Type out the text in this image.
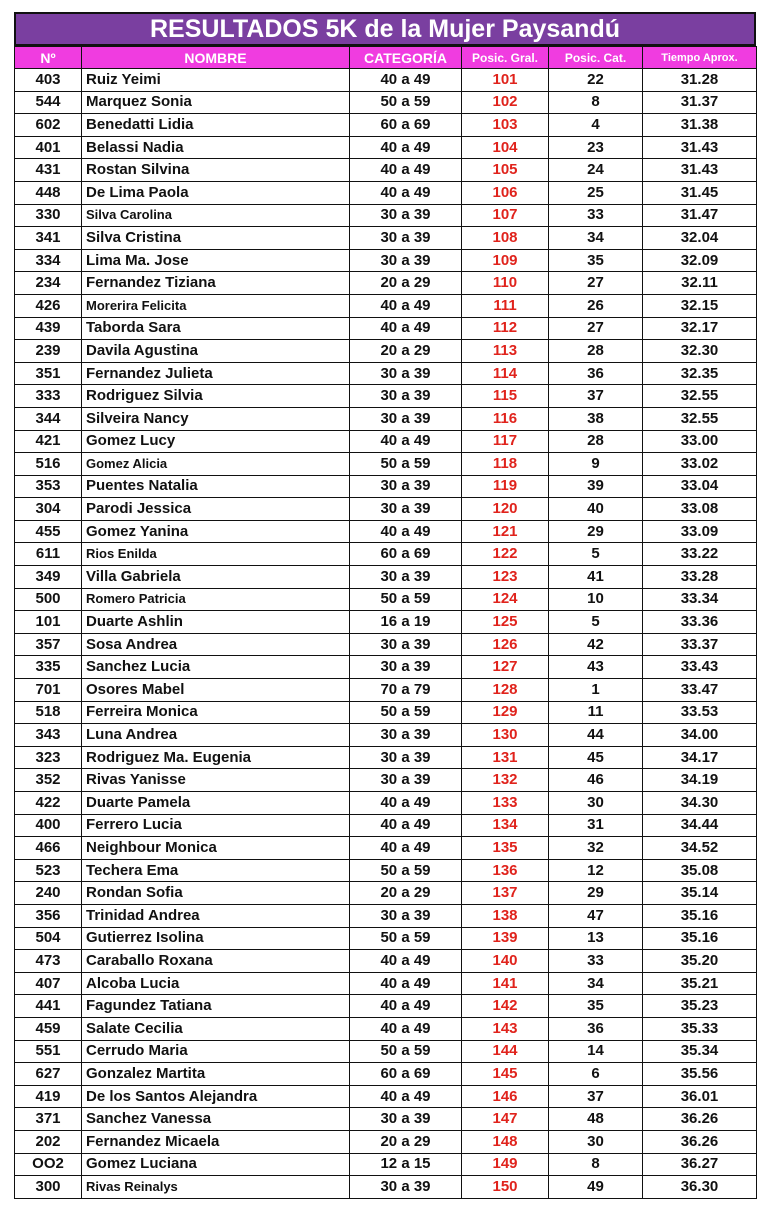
RESULTADOS 5K de la Mujer Paysandú
Nº	NOMBRE	CATEGORÍA	Posic. Gral.	Posic. Cat.	Tiempo Aprox.
403	Ruiz Yeimi	40 a 49	101	22	31.28
544	Marquez Sonia	50 a 59	102	8	31.37
602	Benedatti Lidia	60 a 69	103	4	31.38
401	Belassi Nadia	40 a 49	104	23	31.43
431	Rostan Silvina	40 a 49	105	24	31.43
448	De Lima Paola	40 a 49	106	25	31.45
330	Silva Carolina	30 a 39	107	33	31.47
341	Silva Cristina	30 a 39	108	34	32.04
334	Lima Ma. Jose	30 a 39	109	35	32.09
234	Fernandez Tiziana	20 a 29	110	27	32.11
426	Morerira Felicita	40 a 49	111	26	32.15
439	Taborda Sara	40 a 49	112	27	32.17
239	Davila Agustina	20 a 29	113	28	32.30
351	Fernandez Julieta	30 a 39	114	36	32.35
333	Rodriguez Silvia	30 a 39	115	37	32.55
344	Silveira Nancy	30 a 39	116	38	32.55
421	Gomez Lucy	40 a 49	117	28	33.00
516	Gomez Alicia	50 a 59	118	9	33.02
353	Puentes Natalia	30 a 39	119	39	33.04
304	Parodi Jessica	30 a 39	120	40	33.08
455	Gomez Yanina	40 a 49	121	29	33.09
611	Rios Enilda	60 a 69	122	5	33.22
349	Villa Gabriela	30 a 39	123	41	33.28
500	Romero Patricia	50 a 59	124	10	33.34
101	Duarte Ashlin	16 a 19	125	5	33.36
357	Sosa Andrea	30 a 39	126	42	33.37
335	Sanchez Lucia	30 a 39	127	43	33.43
701	Osores Mabel	70 a 79	128	1	33.47
518	Ferreira Monica	50 a 59	129	11	33.53
343	Luna Andrea	30 a 39	130	44	34.00
323	Rodriguez Ma. Eugenia	30 a 39	131	45	34.17
352	Rivas Yanisse	30 a 39	132	46	34.19
422	Duarte Pamela	40 a 49	133	30	34.30
400	Ferrero Lucia	40 a 49	134	31	34.44
466	Neighbour Monica	40 a 49	135	32	34.52
523	Techera Ema	50 a 59	136	12	35.08
240	Rondan Sofia	20 a 29	137	29	35.14
356	Trinidad Andrea	30 a 39	138	47	35.16
504	Gutierrez Isolina	50 a 59	139	13	35.16
473	Caraballo Roxana	40 a 49	140	33	35.20
407	Alcoba Lucia	40 a 49	141	34	35.21
441	Fagundez Tatiana	40 a 49	142	35	35.23
459	Salate Cecilia	40 a 49	143	36	35.33
551	Cerrudo Maria	50 a 59	144	14	35.34
627	Gonzalez Martita	60 a 69	145	6	35.56
419	De los Santos Alejandra	40 a 49	146	37	36.01
371	Sanchez Vanessa	30 a 39	147	48	36.26
202	Fernandez Micaela	20 a 29	148	30	36.26
OO2	Gomez Luciana	12 a 15	149	8	36.27
300	Rivas Reinalys	30 a 39	150	49	36.30
